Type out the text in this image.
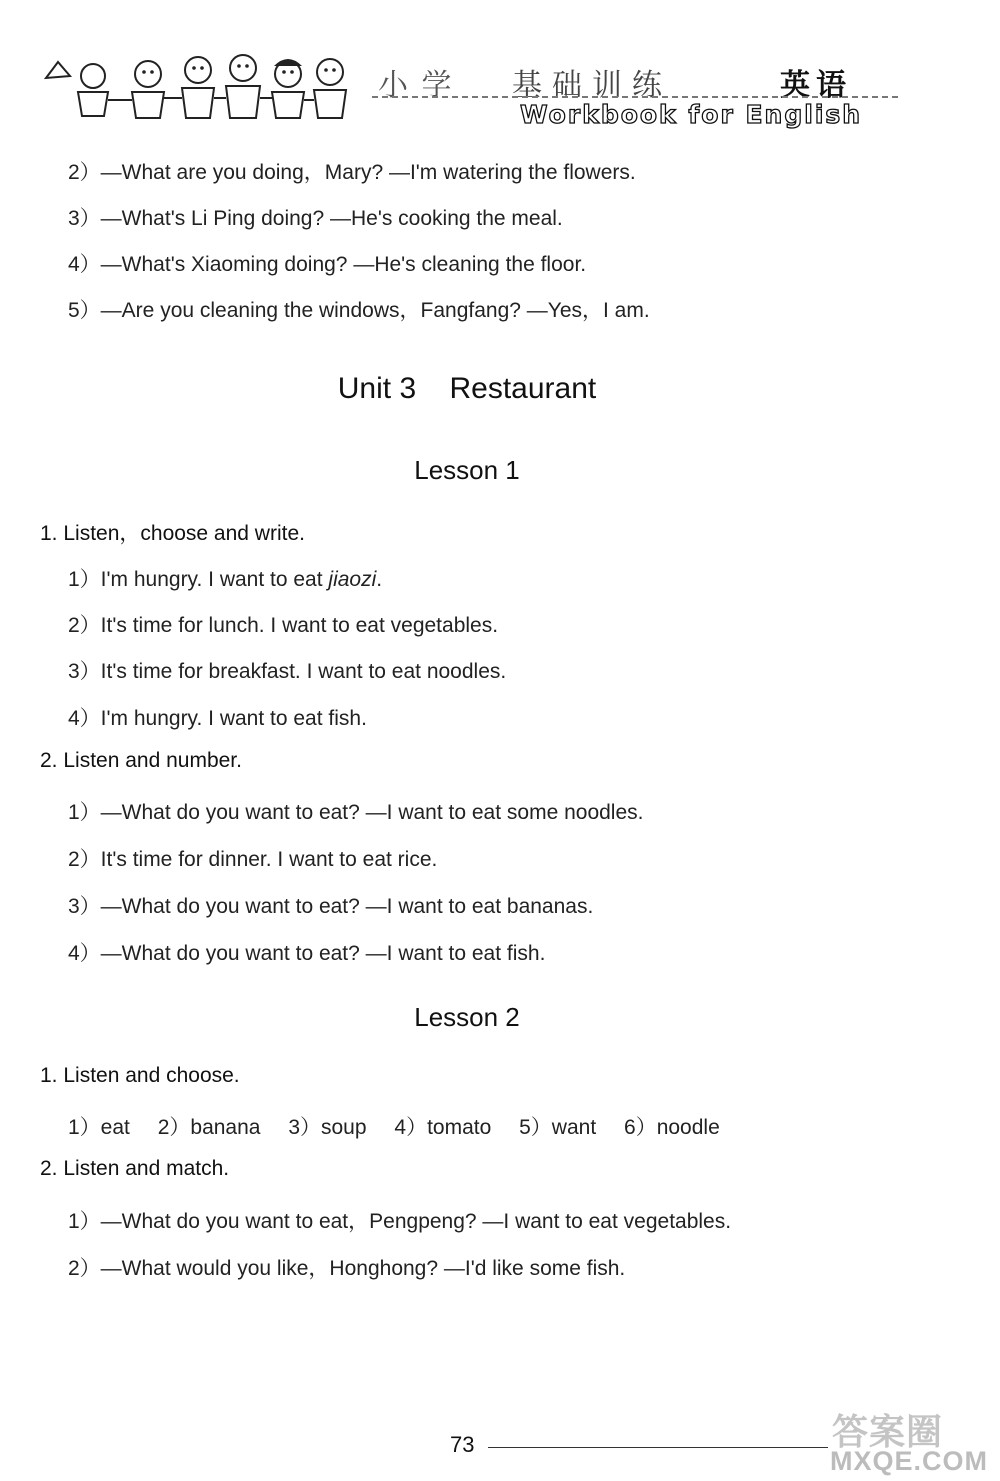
小 学 基础训练	英语
Workbook for English
2）—What are you doing，Mary? —I'm watering the flowers.
3）—What's Li Ping doing? —He's cooking the meal.
4）—What's Xiaoming doing? —He's cleaning the floor.
5）—Are you cleaning the windows，Fangfang? —Yes，I am.
Unit 3    Restaurant
Lesson 1
1. Listen，choose and write.
1）I'm hungry. I want to eat jiaozi.
2）It's time for lunch. I want to eat vegetables.
3）It's time for breakfast. I want to eat noodles.
4）I'm hungry. I want to eat fish.
2. Listen and number.
1）—What do you want to eat? —I want to eat some noodles.
2）It's time for dinner. I want to eat rice.
3）—What do you want to eat? —I want to eat bananas.
4）—What do you want to eat? —I want to eat fish.
Lesson 2
1. Listen and choose.
1）eat 2）banana 3）soup 4）tomato 5）want 6）noodle
2. Listen and match.
1）—What do you want to eat，Pengpeng? —I want to eat vegetables.
2）—What would you like，Honghong? —I'd like some fish.
73	答案圈
MXQE.COM
